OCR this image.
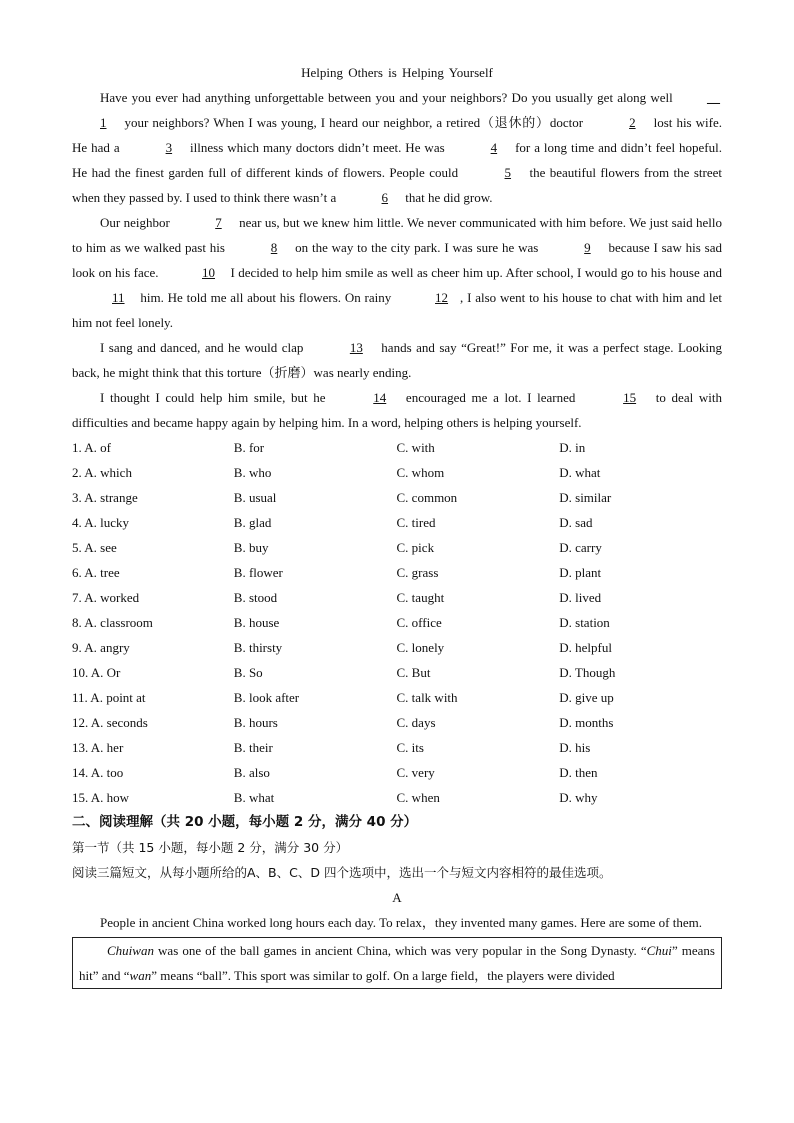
Helping Others is Helping Yourself

Have you ever had anything unforgettable between you and your neighbors? Do you usually get along well __ 1 your neighbors? When I was young, I heard our neighbor, a retired（退休的）doctor	2 lost his wife. He had a	3 illness which many doctors didn’t meet. He was	4 for a long time and didn’t feel hopeful. He had the finest garden full of different kinds of flowers. People could	5 the beautiful flowers from the street when they passed by. I used to think there wasn’t a	6 that he did grow.

Our neighbor	7 near us, but we knew him little. We never communicated with him before. We just said hello to him as we walked past his	8 on the way to the city park. I was sure he was	9 because I saw his sad look on his face.	10 I decided to help him smile as well as cheer him up. After school, I would go to his house and 11 him. He told me all about his flowers. On rainy	12 , I also went to his house to chat with him and let him not feel lonely.

I sang and danced, and he would clap	13 hands and say “Great!” For me, it was a perfect stage. Looking back, he might think that this torture（折磨）was nearly ending.

I thought I could help him smile, but he	14 encouraged me a lot. I learned	15 to deal with difficulties and became happy again by helping him. In a word, helping others is helping yourself.

1. A. of	B. for	C. with	D. in
2. A. which	B. who	C. whom	D. what
3. A. strange	B. usual	C. common	D. similar
4. A. lucky	B. glad	C. tired	D. sad
5. A. see	B. buy	C. pick	D. carry
6. A. tree	B. flower	C. grass	D. plant
7. A. worked	B. stood	C. taught	D. lived
8. A. classroom	B. house	C. office	D. station
9. A. angry	B. thirsty	C. lonely	D. helpful
10. A. Or	B. So	C. But	D. Though
11. A. point at	B. look after	C. talk with	D. give up
12. A. seconds	B. hours	C. days	D. months
13. A. her	B. their	C. its	D. his
14. A. too	B. also	C. very	D. then
15. A. how	B. what	C. when	D. why
二、阅读理解（共 20 小题，每小题 2 分，满分 40 分）
第一节（共 15 小题，每小题 2 分，满分 30 分）
阅读三篇短文，从每小题所给的A、B、C、D 四个选项中，选出一个与短文内容相符的最佳选项。
A

People in ancient China worked long hours each day. To relax，they invented many games. Here are some of them.

Chuiwan was one of the ball games in ancient China, which was very popular in the Song Dynasty. “Chui” means hit” and “wan” means “ball”. This sport was similar to golf. On a large field，the players were divided
